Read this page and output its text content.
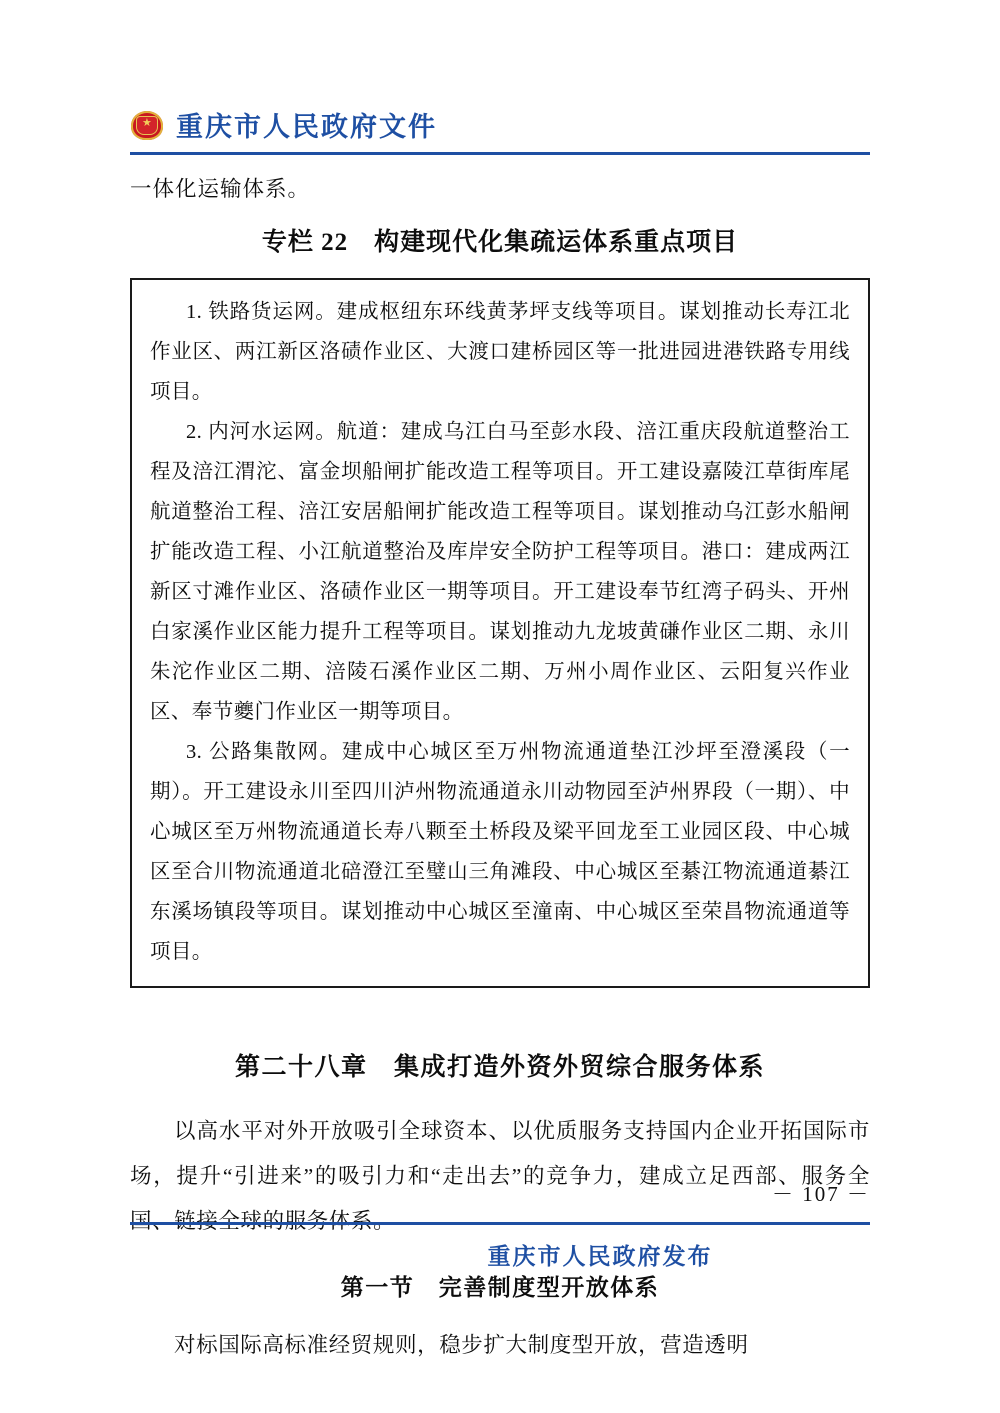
★ 重庆市人民政府文件

一体化运输体系。

专栏 22　构建现代化集疏运体系重点项目

1. 铁路货运网。建成枢纽东环线黄茅坪支线等项目。谋划推动长寿江北作业区、两江新区洛碛作业区、大渡口建桥园区等一批进园进港铁路专用线项目。

2. 内河水运网。航道：建成乌江白马至彭水段、涪江重庆段航道整治工程及涪江渭沱、富金坝船闸扩能改造工程等项目。开工建设嘉陵江草街库尾航道整治工程、涪江安居船闸扩能改造工程等项目。谋划推动乌江彭水船闸扩能改造工程、小江航道整治及库岸安全防护工程等项目。港口：建成两江新区寸滩作业区、洛碛作业区一期等项目。开工建设奉节红湾子码头、开州白家溪作业区能力提升工程等项目。谋划推动九龙坡黄磏作业区二期、永川朱沱作业区二期、涪陵石溪作业区二期、万州小周作业区、云阳复兴作业区、奉节夔门作业区一期等项目。

3. 公路集散网。建成中心城区至万州物流通道垫江沙坪至澄溪段（一期）。开工建设永川至四川泸州物流通道永川动物园至泸州界段（一期）、中心城区至万州物流通道长寿八颗至土桥段及梁平回龙至工业园区段、中心城区至合川物流通道北碚澄江至璧山三角滩段、中心城区至綦江物流通道綦江东溪场镇段等项目。谋划推动中心城区至潼南、中心城区至荣昌物流通道等项目。

第二十八章　集成打造外资外贸综合服务体系

以高水平对外开放吸引全球资本、以优质服务支持国内企业开拓国际市场，提升“引进来”的吸引力和“走出去”的竞争力，建成立足西部、服务全国、链接全球的服务体系。

第一节　完善制度型开放体系

对标国际高标准经贸规则，稳步扩大制度型开放，营造透明

－ 107 －
重庆市人民政府发布
